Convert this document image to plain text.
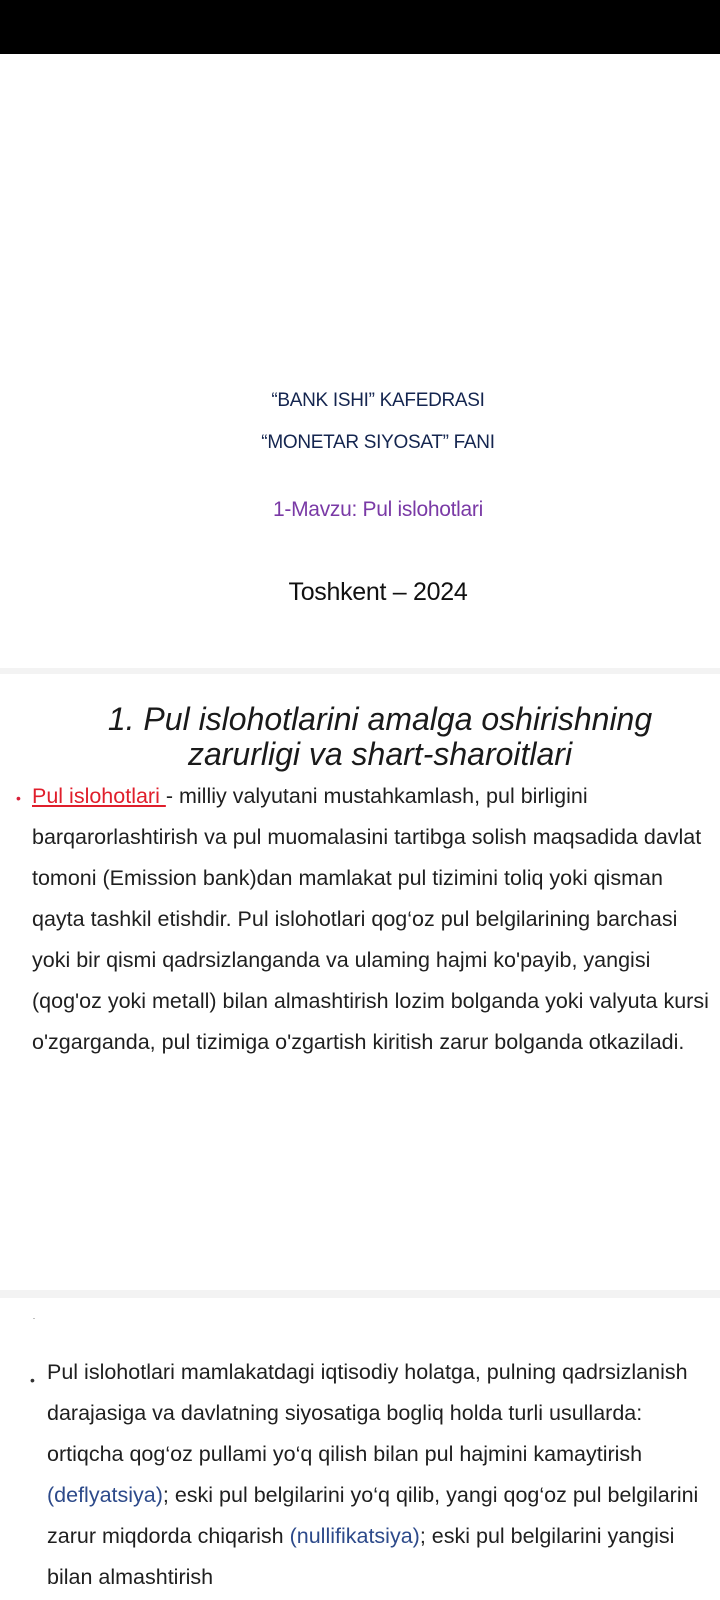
“BANK ISHI” KAFEDRASI
“MONETAR SIYOSAT” FANI
1-Mavzu: Pul islohotlari
Toshkent – 2024
1. Pul islohotlarini amalga oshirishning zarurligi va shart-sharoitlari
• Pul islohotlari - milliy valyutani mustahkamlash, pul birligini barqarorlashtirish va pul muomalasini tartibga solish maqsadida davlat tomoni (Emission bank)dan mamlakat pul tizimini toliq yoki qisman qayta tashkil etishdir. Pul islohotlari qog‘oz pul belgilarining barchasi yoki bir qismi qadrsizlanganda va ulaming hajmi ko'payib, yangisi (qog'oz yoki metall) bilan almashtirish lozim bolganda yoki valyuta kursi o'zgarganda, pul tizimiga o'zgartish kiritish zarur bolganda otkaziladi.
• Pul islohotlari mamlakatdagi iqtisodiy holatga, pulning qadrsizlanish darajasiga va davlatning siyosatiga bogliq holda turli usullarda: ortiqcha qog‘oz pullami yo‘q qilish bilan pul hajmini kamaytirish (deflyatsiya); eski pul belgilarini yo‘q qilib, yangi qog‘oz pul belgilarini zarur miqdorda chiqarish (nullifikatsiya); eski pul belgilarini yangisi bilan almashtirish
